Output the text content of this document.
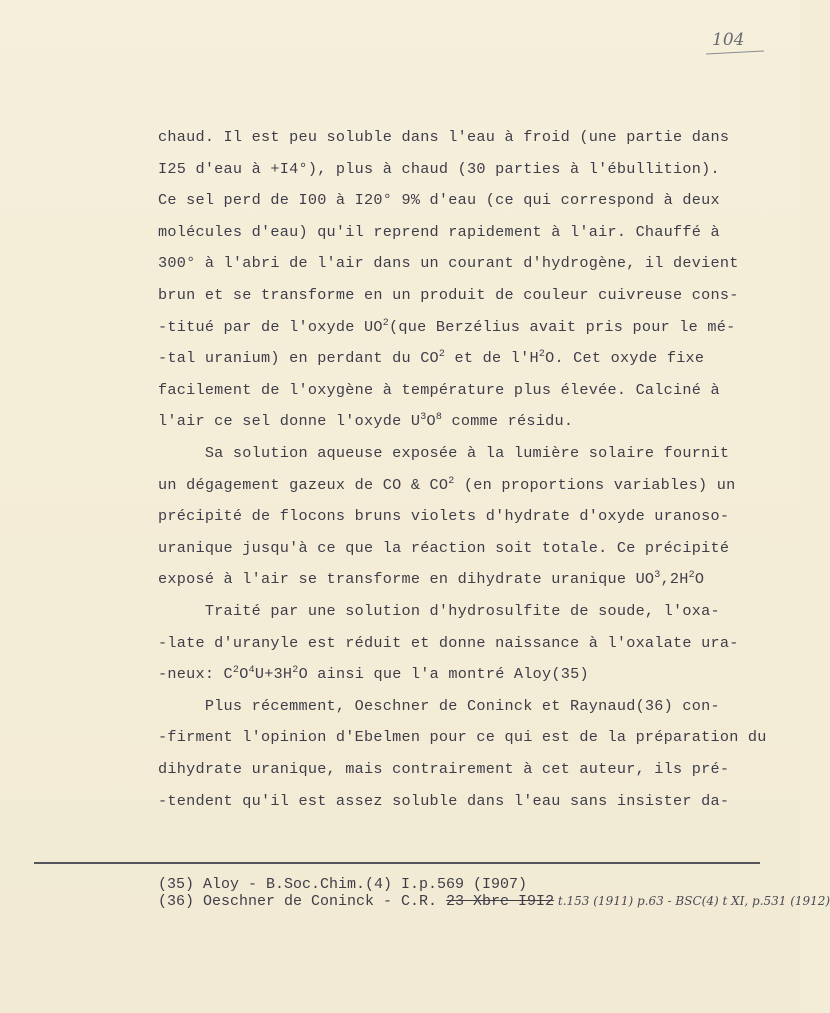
104
chaud. Il est peu soluble dans l'eau à froid (une partie dans
I25 d'eau à +I4°), plus à chaud (30 parties à l'ébullition).
Ce sel perd de I00 à I20° 9% d'eau (ce qui correspond à deux
molécules d'eau) qu'il reprend rapidement à l'air. Chauffé à
300° à l'abri de l'air dans un courant d'hydrogène, il devient
brun et se transforme en un produit de couleur cuivreuse cons-
-titué par de l'oxyde $UO^2(que$ Berzélius avait pris pour le mé-
-tal uranium) en perdant du $CO^2$ et de $l'H^2O$. Cet oxyde fixe
facilement de l'oxygène à température plus élevée. Calciné à
l'air ce sel donne l'oxyde $U^3O^8$ comme résidu.
Sa solution aqueuse exposée à la lumière solaire fournit
un dégagement gazeux de CO & $CO^2$ (en proportions variables) un
précipité de flocons bruns violets d'hydrate d'oxyde uranoso-
uranique jusqu'à ce que la réaction soit totale. Ce précipité
exposé à l'air se transforme en dihydrate uranique $UO^3,2H^2O$
Traité par une solution d'hydrosulfite de soude, l'oxa-
-late d'uranyle est réduit et donne naissance à l'oxalate ura-
-neux: $C^2O^4U+3H^2O$ ainsi que l'a montré Aloy(35)
Plus récemment, Oeschner de Coninck et Raynaud(36) con-
-firment l'opinion d'Ebelmen pour ce qui est de la préparation du
dihydrate uranique, mais contrairement à cet auteur, ils pré-
-tendent qu'il est assez soluble dans l'eau sans insister da-
(35) Aloy - B.Soc.Chim.(4) I.p.569 (I907)
(36) Oeschner de Coninck - C.R. 23 Xbre I9I2 t.153 (1911) p.63 - BSC(4) t XI, p.531 (1912)
